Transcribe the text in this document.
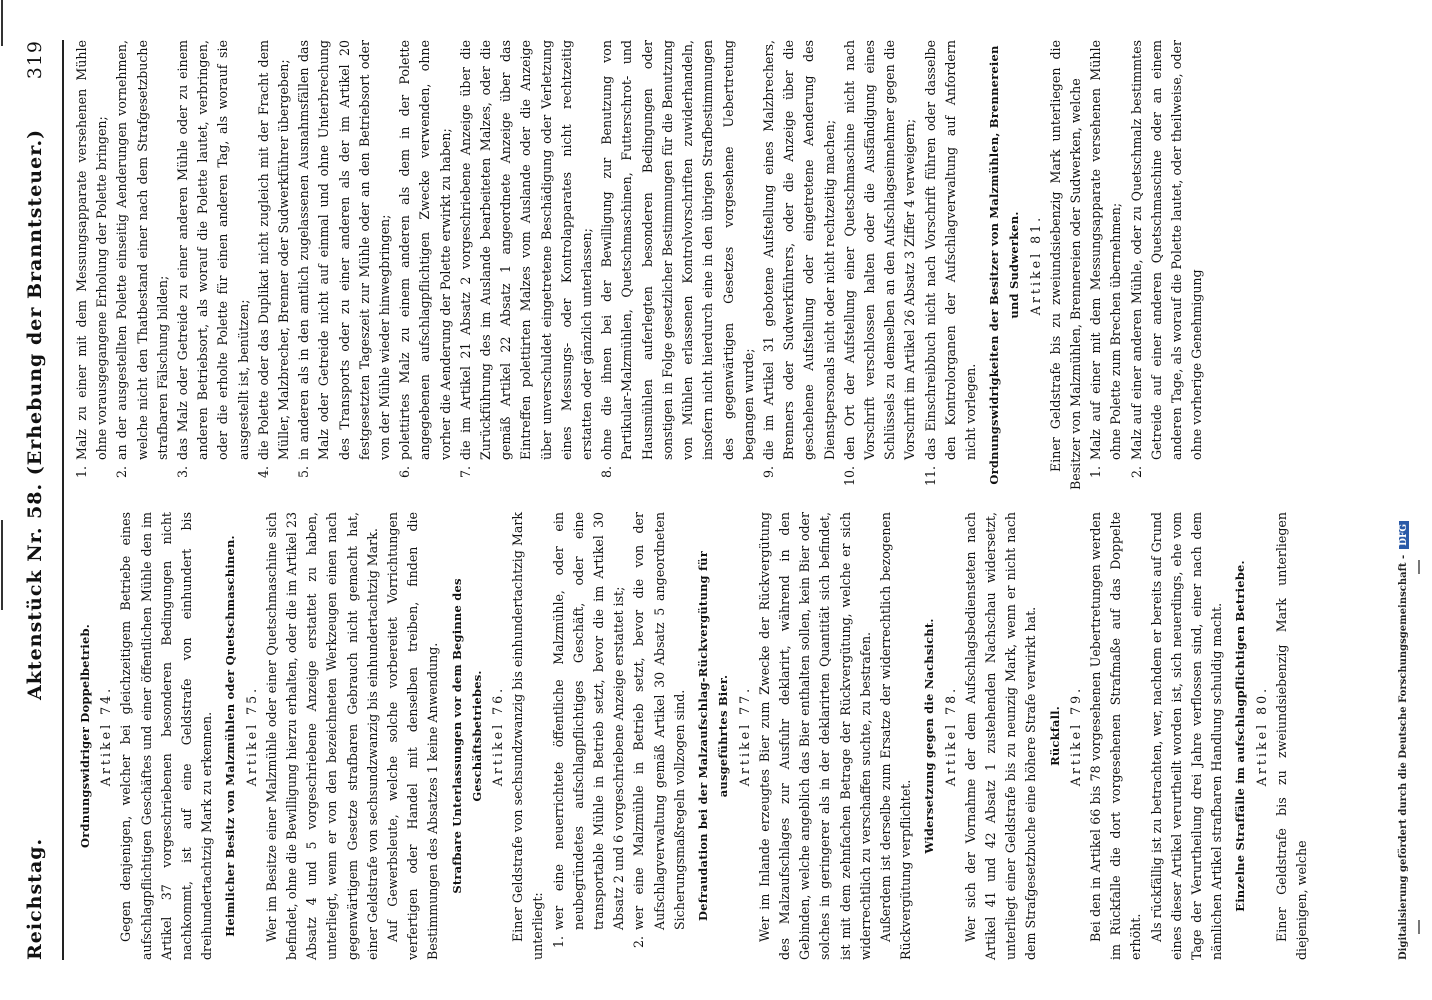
Reichstag.
Aktenstück Nr. 58. (Erhebung der Branntsteuer.)
319

Ordnungswidriger Doppelbetrieb. Artikel 74. Gegen denjenigen, welcher bei gleichzeitigem Betriebe eines aufschlagpflichtigen Geschäftes und einer öffentlichen Mühle den im Artikel 37 vorgeschriebenen besonderen Bedingungen nicht nachkommt, ist auf eine Geldstrafe von einhundert bis dreihundertachtzig Mark zu erkennen. Heimlicher Besitz von Malzmühlen oder Quetschmaschinen. Artikel 75. Wer im Besitze einer Malzmühle oder einer Quetschmaschine sich befindet, ohne die Bewilligung hierzu erhalten, oder die im Artikel 23 Absatz 4 und 5 vorgeschriebene Anzeige erstattet zu haben, unterliegt, wenn er von den bezeichneten Werkzeugen einen nach gegenwärtigem Gesetze strafbaren Gebrauch nicht gemacht hat, einer Geldstrafe von sechsundzwanzig bis einhundertachtzig Mark. Auf Gewerbsleute, welche solche vorbereitet Vorrichtungen verfertigen oder Handel mit denselben treiben, finden die Bestimmungen des Absatzes 1 keine Anwendung. Strafbare Unterlassungen vor dem Beginne des Geschäftsbetriebes. Artikel 76. Einer Geldstrafe von sechsundzwanzig bis einhundertachtzig Mark unterliegt: 1.
wer eine neuerrichtete öffentliche Malzmühle, oder ein neubegründetes aufschlagpflichtiges Geschäft, oder eine transportable Mühle in Betrieb setzt, bevor die im Artikel 30 Absatz 2 und 6 vorgeschriebene Anzeige erstattet ist;
2.
wer eine Malzmühle in Betrieb setzt, bevor die von der Aufschlagverwaltung gemäß Artikel 30 Absatz 5 angeordneten Sicherungsmaßregeln vollzogen sind. Defraudation bei der Malzaufschlag-Rückvergütung für ausgeführtes Bier. Artikel 77. Wer im Inlande erzeugtes Bier zum Zwecke der Rückvergütung des Malzaufschlages zur Ausfuhr deklarirt, während in den Gebinden, welche angeblich das Bier enthalten sollen, kein Bier oder solches in geringerer als in der deklarirten Quantität sich befindet, ist mit dem zehnfachen Betrage der Rückvergütung, welche er sich widerrechtlich zu verschaffen suchte, zu bestrafen. Außerdem ist derselbe zum Ersatze der widerrechtlich bezogenen Rückvergütung verpflichtet.

Widersetzung gegen die Nachsicht. Artikel 78. Wer sich der Vornahme der dem Aufschlagsbediensteten nach Artikel 41 und 42 Absatz 1 zustehenden Nachschau widersetzt, unterliegt einer Geldstrafe bis zu neunzig Mark, wenn er nicht nach dem Strafgesetzbuche eine höhere Strafe verwirkt hat. Rückfall. Artikel 79. Bei den in Artikel 66 bis 78 vorgesehenen Uebertretungen werden im Rückfalle die dort vorgesehenen Strafmaße auf das Doppelte erhöht. Als rückfällig ist zu betrachten, wer, nachdem er bereits auf Grund eines dieser Artikel verurtheilt worden ist, sich neuerdings, ehe vom Tage der Verurtheilung drei Jahre verflossen sind, einer nach dem nämlichen Artikel strafbaren Handlung schuldig macht. Einzelne Straffälle im aufschlagpflichtigen Betriebe. Artikel 80. Einer Geldstrafe bis zu zweiundsiebenzig Mark unterliegen diejenigen, welche

1.
Malz zu einer mit dem Messungsapparate versehenen Mühle ohne vorausgegangene Erholung der Polette bringen;
2.
an der ausgestellten Polette einseitig Aenderungen vornehmen, welche nicht den Thatbestand einer nach dem Strafgesetzbuche strafbaren Fälschung bilden;
3.
das Malz oder Getreide zu einer anderen Mühle oder zu einem anderen Betriebsort, als worauf die Polette lautet, verbringen, oder die erholte Polette für einen anderen Tag, als worauf sie ausgestellt ist, benützen;
4.
die Polette oder das Duplikat nicht zugleich mit der Fracht dem Müller, Malzbrecher, Brenner oder Sudwerkführer übergeben;
5.
in anderen als in den amtlich zugelassenen Ausnahmsfällen das Malz oder Getreide nicht auf einmal und ohne Unterbrechung des Transports oder zu einer anderen als der im Artikel 20 festgesetzten Tageszeit zur Mühle oder an den Betriebsort oder von der Mühle wieder hinwegbringen;
6.
polettirtes Malz zu einem anderen als dem in der Polette angegebenen aufschlagpflichtigen Zwecke verwenden, ohne vorher die Aenderung der Polette erwirkt zu haben;
7.
die im Artikel 21 Absatz 2 vorgeschriebene Anzeige über die Zurückführung des im Auslande bearbeiteten Malzes, oder die gemäß Artikel 22 Absatz 1 angeordnete Anzeige über das Eintreffen polettirten Malzes vom Auslande oder die Anzeige über unverschuldet eingetretene Beschädigung oder Verletzung eines Messungs- oder Kontrolapparates nicht rechtzeitig erstatten oder gänzlich unterlassen;
8.
ohne die ihnen bei der Bewilligung zur Benutzung von Partikular-Malzmühlen, Quetschmaschinen, Futterschrot- und Hausmühlen auferlegten besonderen Bedingungen oder sonstigen in Folge gesetzlicher Bestimmungen für die Benutzung von Mühlen erlassenen Kontrolvorschriften zuwiderhandeln, insofern nicht hierdurch eine in den übrigen Strafbestimmungen des gegenwärtigen Gesetzes vorgesehene Uebertretung begangen wurde;
9.
die im Artikel 31 gebotene Aufstellung eines Malzbrechers, Brenners oder Sudwerkführers, oder die Anzeige über die geschehene Aufstellung oder eingetretene Aenderung des Dienstpersonals nicht oder nicht rechtzeitig machen;
10.
den Ort der Aufstellung einer Quetschmaschine nicht nach Vorschrift verschlossen halten oder die Ausfändigung eines Schlüssels zu demselben an den Aufschlagseinnehmer gegen die Vorschrift im Artikel 26 Absatz 3 Ziffer 4 verweigern;
11.
das Einschreibbuch nicht nach Vorschrift führen oder dasselbe den Kontrolorganen der Aufschlagverwaltung auf Anfordern nicht vorlegen. Ordnungswidrigkeiten der Besitzer von Malzmühlen, Brennereien und Sudwerken. Artikel 81. Einer Geldstrafe bis zu zweiundsiebenzig Mark unterliegen die Besitzer von Malzmühlen, Brennereien oder Sudwerken, welche 1.
Malz auf einer mit dem Messungsapparate versehenen Mühle ohne Polette zum Brechen übernehmen;
2.
Malz auf einer anderen Mühle, oder zu Quetschmalz bestimmtes Getreide auf einer anderen Quetschmaschine oder an einem anderen Tage, als worauf die Polette lautet, oder theilweise, oder ohne vorherige Genehmigung
Digitalisierung gefördert durch die Deutsche Forschungsgemeinschaft -DFG
